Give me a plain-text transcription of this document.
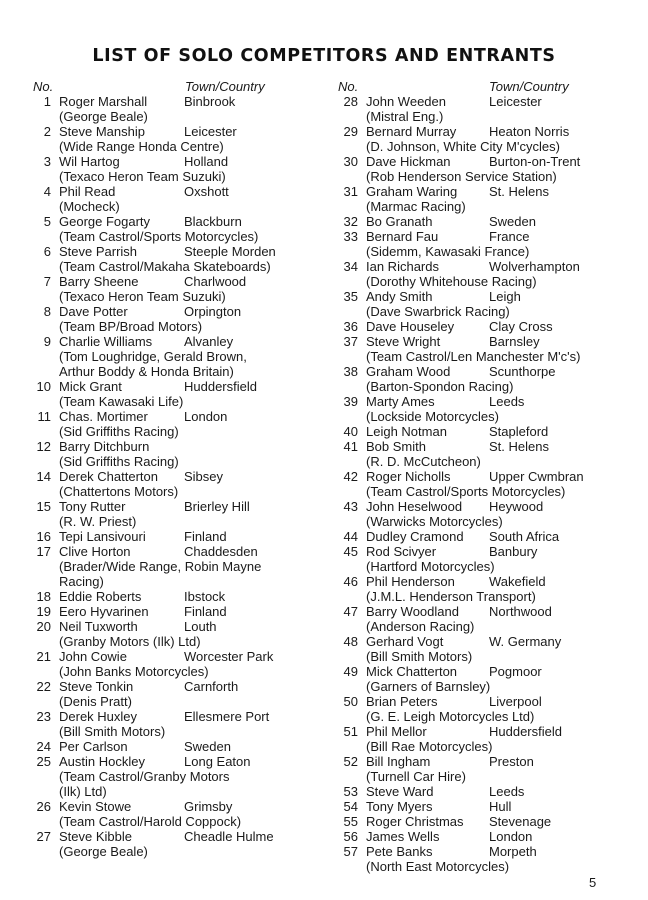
LIST OF SOLO COMPETITORS AND ENTRANTS
No.	Town/Country
1 Roger Marshall	Binbrook
(George Beale)
2 Steve Manship	Leicester
(Wide Range Honda Centre)
3 Wil Hartog	Holland
(Texaco Heron Team Suzuki)
4 Phil Read	Oxshott
(Mocheck)
5 George Fogarty	Blackburn
(Team Castrol/Sports Motorcycles)
6 Steve Parrish	Steeple Morden
(Team Castrol/Makaha Skateboards)
7 Barry Sheene	Charlwood
(Texaco Heron Team Suzuki)
8 Dave Potter	Orpington
(Team BP/Broad Motors)
9 Charlie Williams	Alvanley
(Tom Loughridge, Gerald Brown,
Arthur Boddy & Honda Britain)
10 Mick Grant	Huddersfield
(Team Kawasaki Life)
11 Chas. Mortimer	London
(Sid Griffiths Racing)
12 Barry Ditchburn
(Sid Griffiths Racing)
14 Derek Chatterton	Sibsey
(Chattertons Motors)
15 Tony Rutter	Brierley Hill
(R. W. Priest)
16 Tepi Lansivouri	Finland
17 Clive Horton	Chaddesden
(Brader/Wide Range, Robin Mayne
Racing)
18 Eddie Roberts	Ibstock
19 Eero Hyvarinen	Finland
20 Neil Tuxworth	Louth
(Granby Motors (Ilk) Ltd)
21 John Cowie	Worcester Park
(John Banks Motorcycles)
22 Steve Tonkin	Carnforth
(Denis Pratt)
23 Derek Huxley	Ellesmere Port
(Bill Smith Motors)
24 Per Carlson	Sweden
25 Austin Hockley	Long Eaton
(Team Castrol/Granby Motors
(Ilk) Ltd)
26 Kevin Stowe	Grimsby
(Team Castrol/Harold Coppock)
27 Steve Kibble	Cheadle Hulme
(George Beale)
No.	Town/Country
28 John Weeden	Leicester
(Mistral Eng.)
29 Bernard Murray	Heaton Norris
(D. Johnson, White City M'cycles)
30 Dave Hickman	Burton-on-Trent
(Rob Henderson Service Station)
31 Graham Waring	St. Helens
(Marmac Racing)
32 Bo Granath	Sweden
33 Bernard Fau	France
(Sidemm, Kawasaki France)
34 Ian Richards	Wolverhampton
(Dorothy Whitehouse Racing)
35 Andy Smith	Leigh
(Dave Swarbrick Racing)
36 Dave Houseley	Clay Cross
37 Steve Wright	Barnsley
(Team Castrol/Len Manchester M'c's)
38 Graham Wood	Scunthorpe
(Barton-Spondon Racing)
39 Marty Ames	Leeds
(Lockside Motorcycles)
40 Leigh Notman	Stapleford
41 Bob Smith	St. Helens
(R. D. McCutcheon)
42 Roger Nicholls	Upper Cwmbran
(Team Castrol/Sports Motorcycles)
43 John Heselwood	Heywood
(Warwicks Motorcycles)
44 Dudley Cramond	South Africa
45 Rod Scivyer	Banbury
(Hartford Motorcycles)
46 Phil Henderson	Wakefield
(J.M.L. Henderson Transport)
47 Barry Woodland	Northwood
(Anderson Racing)
48 Gerhard Vogt	W. Germany
(Bill Smith Motors)
49 Mick Chatterton	Pogmoor
(Garners of Barnsley)
50 Brian Peters	Liverpool
(G. E. Leigh Motorcycles Ltd)
51 Phil Mellor	Huddersfield
(Bill Rae Motorcycles)
52 Bill Ingham	Preston
(Turnell Car Hire)
53 Steve Ward	Leeds
54 Tony Myers	Hull
55 Roger Christmas	Stevenage
56 James Wells	London
57 Pete Banks	Morpeth
(North East Motorcycles)
5
